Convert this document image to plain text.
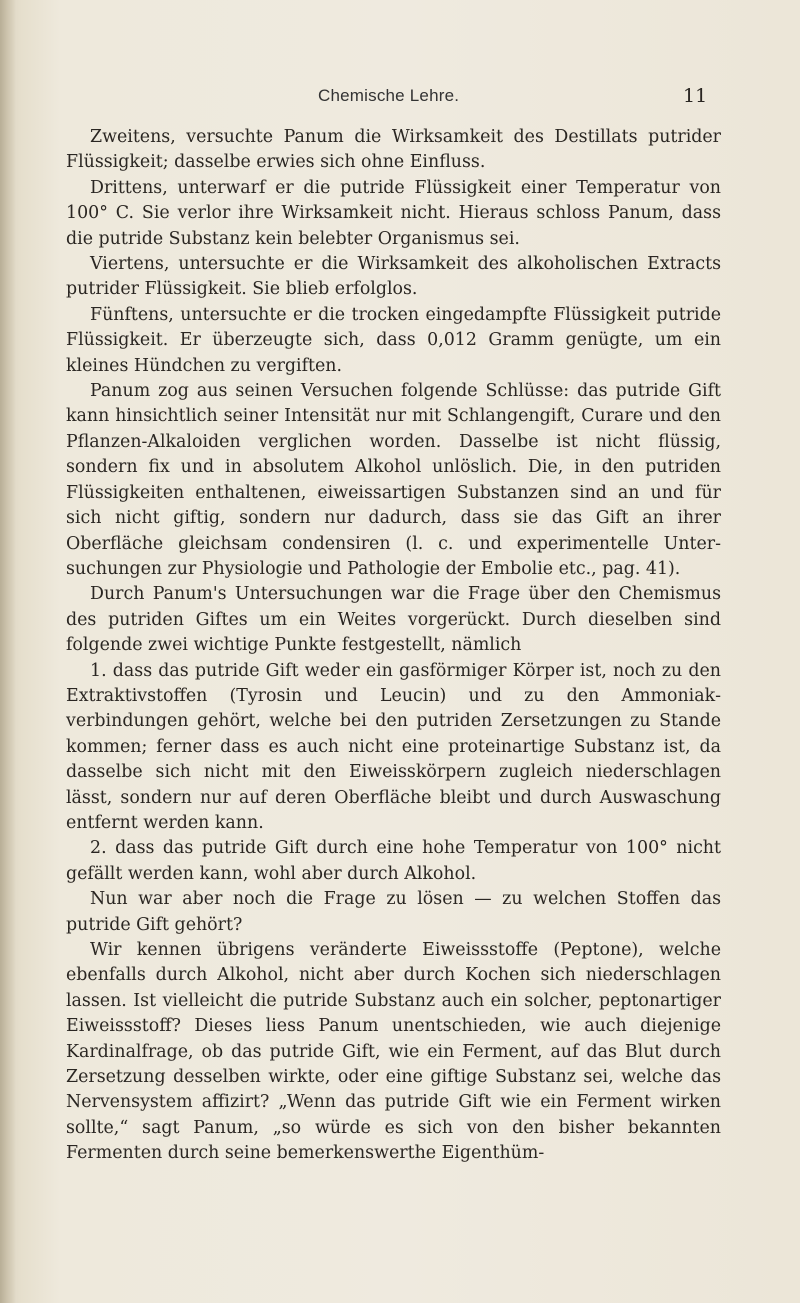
Chemische Lehre.	11

Zweitens, versuchte Panum die Wirksamkeit des Destillats putrider Flüssigkeit; dasselbe erwies sich ohne Einfluss.

Drittens, unterwarf er die putride Flüssigkeit einer Temperatur von 100° C. Sie verlor ihre Wirksamkeit nicht. Hieraus schloss Panum, dass die putride Substanz kein belebter Organismus sei.

Viertens, untersuchte er die Wirksamkeit des alkoholischen Extracts putrider Flüssigkeit. Sie blieb erfolglos.

Fünftens, untersuchte er die trocken eingedampfte Flüssigkeit putride Flüssigkeit. Er überzeugte sich, dass 0,012 Gramm genügte, um ein kleines Hündchen zu vergiften.

Panum zog aus seinen Versuchen folgende Schlüsse: das putride Gift kann hinsichtlich seiner Intensität nur mit Schlangengift, Curare und den Pflanzen-Alkaloiden verglichen worden. Dasselbe ist nicht flüssig, sondern fix und in absolutem Alkohol unlöslich. Die, in den putriden Flüssigkeiten enthaltenen, eiweissartigen Substanzen sind an und für sich nicht giftig, sondern nur dadurch, dass sie das Gift an ihrer Oberfläche gleichsam condensiren (l. c. und experimentelle Untersuchungen zur Physiologie und Pathologie der Embolie etc., pag. 41).

Durch Panum's Untersuchungen war die Frage über den Chemismus des putriden Giftes um ein Weites vorgerückt. Durch dieselben sind folgende zwei wichtige Punkte festgestellt, nämlich

1. dass das putride Gift weder ein gasförmiger Körper ist, noch zu den Extraktivstoffen (Tyrosin und Leucin) und zu den Ammoniakverbindungen gehört, welche bei den putriden Zersetzungen zu Stande kommen; ferner dass es auch nicht eine proteinartige Substanz ist, da dasselbe sich nicht mit den Eiweisskörpern zugleich niederschlagen lässt, sondern nur auf deren Oberfläche bleibt und durch Auswaschung entfernt werden kann.

2. dass das putride Gift durch eine hohe Temperatur von 100° nicht gefällt werden kann, wohl aber durch Alkohol.

Nun war aber noch die Frage zu lösen — zu welchen Stoffen das putride Gift gehört?

Wir kennen übrigens veränderte Eiweissstoffe (Peptone), welche ebenfalls durch Alkohol, nicht aber durch Kochen sich niederschlagen lassen. Ist vielleicht die putride Substanz auch ein solcher, peptonartiger Eiweissstoff? Dieses liess Panum unentschieden, wie auch diejenige Kardinalfrage, ob das putride Gift, wie ein Ferment, auf das Blut durch Zersetzung desselben wirkte, oder eine giftige Substanz sei, welche das Nervensystem affizirt? „Wenn das putride Gift wie ein Ferment wirken sollte,“ sagt Panum, „so würde es sich von den bisher bekannten Fermenten durch seine bemerkenswerthe Eigenthüm-
